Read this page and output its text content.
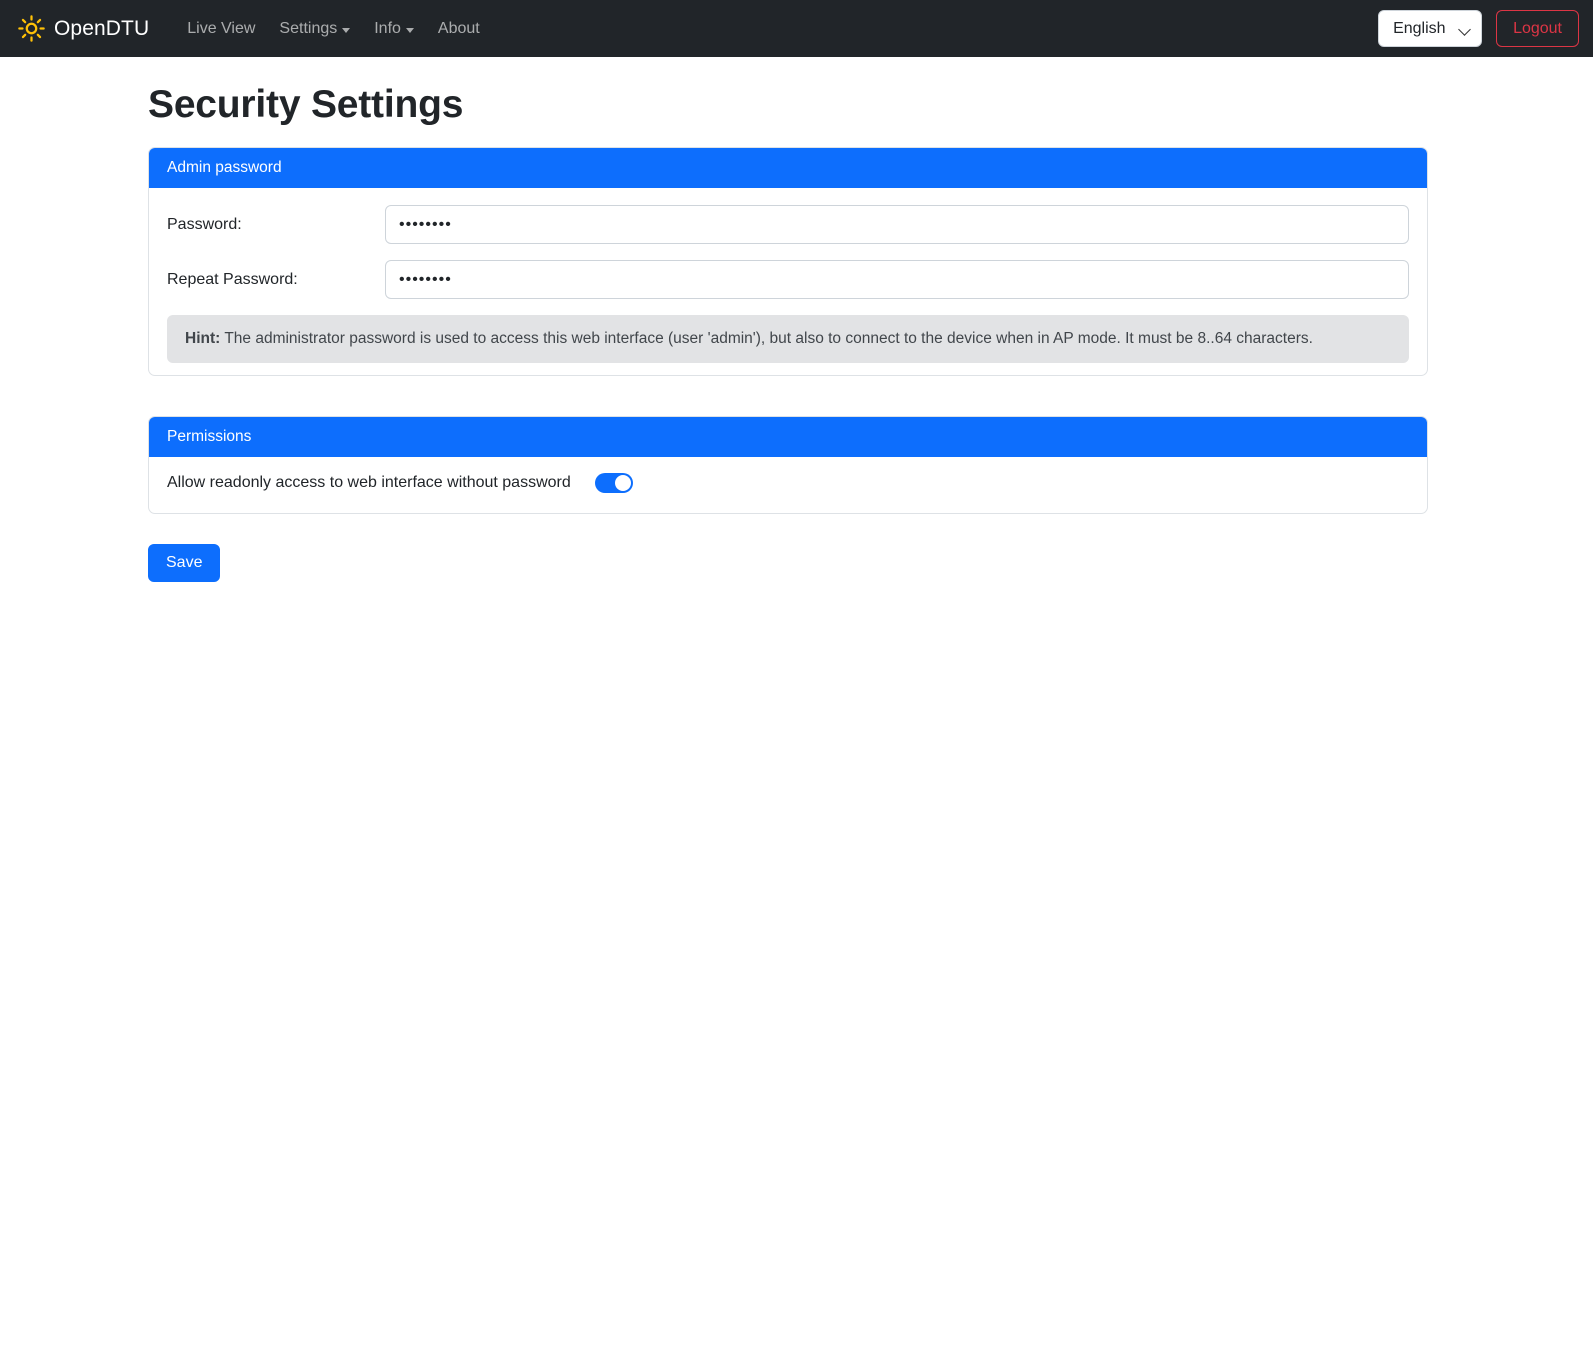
OpenDTU Live View Settings Info About	English	Logout
Security Settings
Admin password
Password:
••••••••
Repeat Password:
••••••••
Hint: The administrator password is used to access this web interface (user 'admin'), but also to connect to the device when in AP mode. It must be 8..64 characters.
Permissions
Allow readonly access to web interface without password
Save
